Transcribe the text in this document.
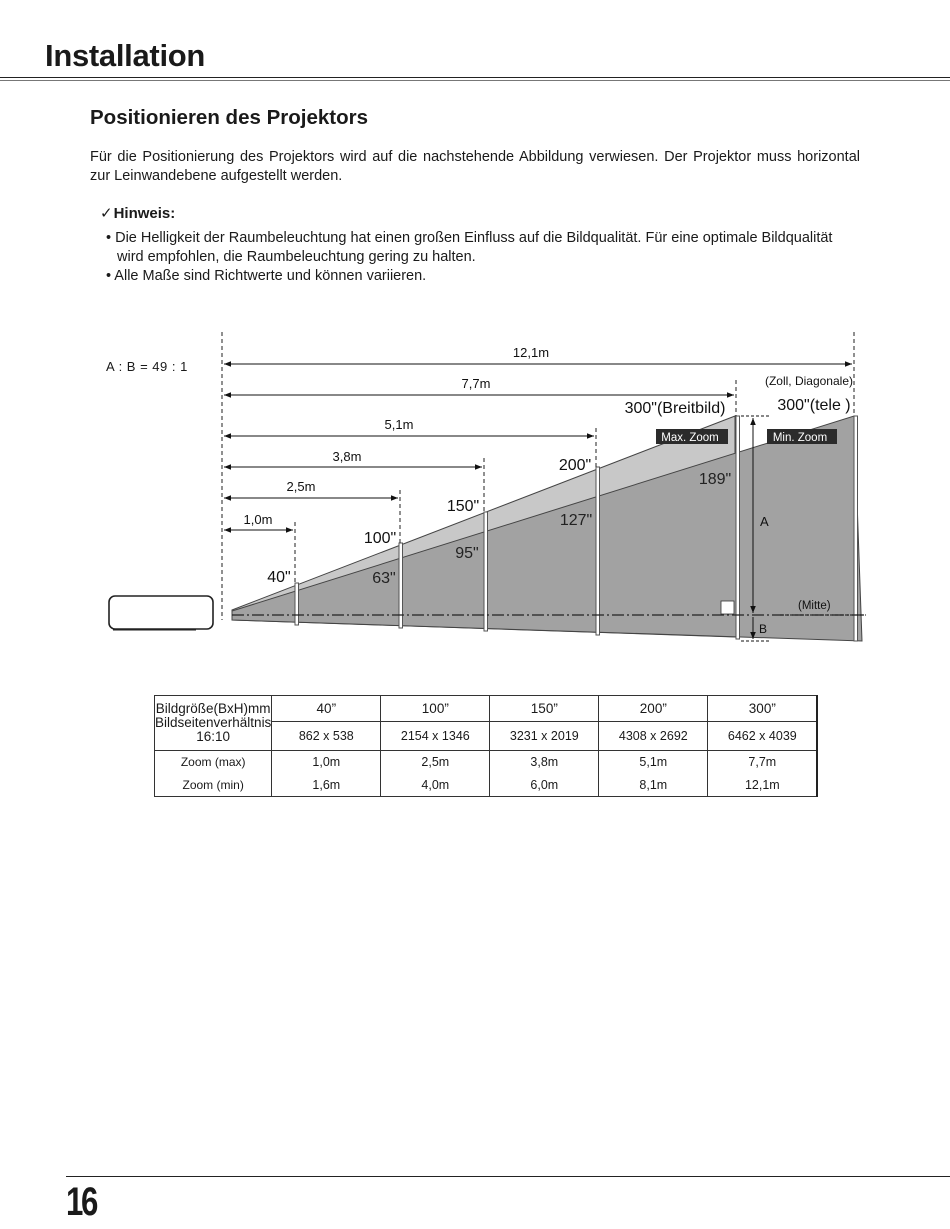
Installation
Positionieren des Projektors
Für die Positionierung des Projektors wird auf die nachstehende Abbildung verwiesen. Der Projektor muss horizontal zur Leinwandebene aufgestellt werden.
✓Hinweis:
• Die Helligkeit der Raumbeleuchtung hat einen großen Einfluss auf die Bildqualität. Für eine optimale Bildqualität wird empfohlen, die Raumbeleuchtung gering zu halten.
• Alle Maße sind Richtwerte und können variieren.
A : B = 49 : 1
12,1m
7,7m
5,1m
3,8m
2,5m
1,0m
(Zoll, Diagonale)
40"
100"
150"
200"
300"(Breitbild)	300"(tele )
63"
95"
127"
189"
Max. Zoom	Min. Zoom
A
B
(Mitte)
Bildgröße(BxH)mm
Bildseitenverhältnis
16:10	40”	100”	150”	200”	300”
	862 x 538	2154 x 1346	3231 x 2019	4308 x 2692	6462 x 4039
Zoom (max)	1,0m	2,5m	3,8m	5,1m	7,7m
Zoom (min)	1,6m	4,0m	6,0m	8,1m	12,1m
16
